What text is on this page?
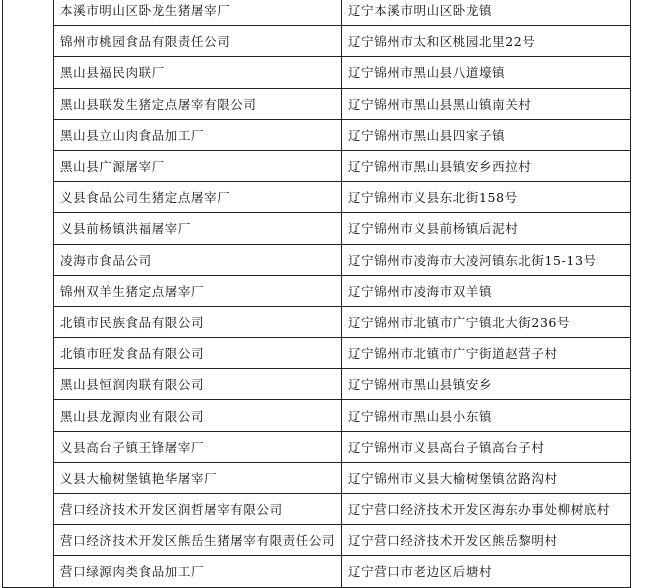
	本溪市明山区卧龙生猪屠宰厂	辽宁本溪市明山区卧龙镇
	锦州市桃园食品有限责任公司	辽宁锦州市太和区桃园北里22号
	黑山县福民肉联厂	辽宁锦州市黑山县八道壕镇
	黑山县联发生猪定点屠宰有限公司	辽宁锦州市黑山县黑山镇南关村
	黑山县立山肉食品加工厂	辽宁锦州市黑山县四家子镇
	黑山县广源屠宰厂	辽宁锦州市黑山县镇安乡西拉村
	义县食品公司生猪定点屠宰厂	辽宁锦州市义县东北街158号
	义县前杨镇洪福屠宰厂	辽宁锦州市义县前杨镇后泥村
	凌海市食品公司	辽宁锦州市凌海市大凌河镇东北街15-13号
	锦州双羊生猪定点屠宰厂	辽宁锦州市凌海市双羊镇
	北镇市民族食品有限公司	辽宁锦州市北镇市广宁镇北大街236号
	北镇市旺发食品有限公司	辽宁锦州市北镇市广宁街道赵营子村
	黑山县恒润肉联有限公司	辽宁锦州市黑山县镇安乡
	黑山县龙源肉业有限公司	辽宁锦州市黑山县小东镇
	义县高台子镇王锋屠宰厂	辽宁锦州市义县高台子镇高台子村
	义县大榆树堡镇艳华屠宰厂	辽宁锦州市义县大榆树堡镇岔路沟村
	营口经济技术开发区润哲屠宰有限公司	辽宁营口经济技术开发区海东办事处柳树底村
	营口经济技术开发区熊岳生猪屠宰有限责任公司	辽宁营口经济技术开发区熊岳黎明村
	营口绿源肉类食品加工厂	辽宁营口市老边区后塘村
